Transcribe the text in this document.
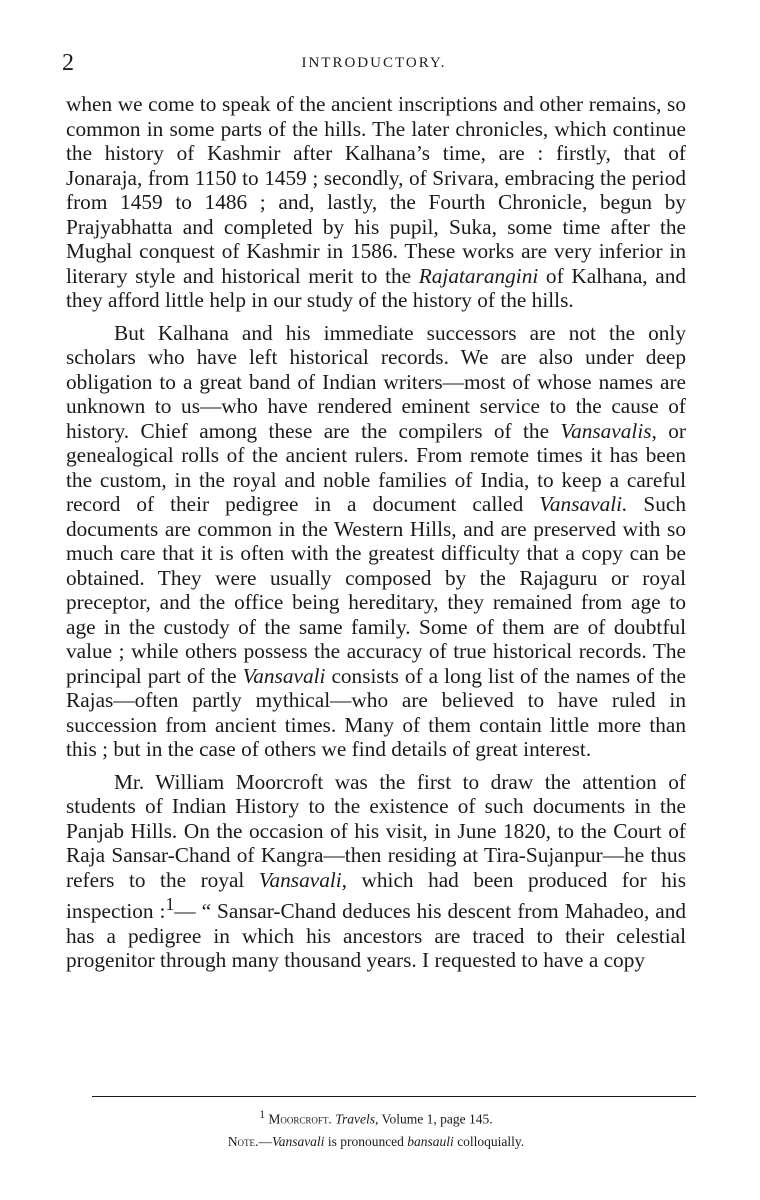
2	INTRODUCTORY.

when we come to speak of the ancient inscriptions and other remains, so common in some parts of the hills. The later chronicles, which continue the history of Kashmir after Kalhana’s time, are : firstly, that of Jonaraja, from 1150 to 1459 ; secondly, of Srivara, embracing the period from 1459 to 1486 ; and, lastly, the Fourth Chronicle, begun by Prajyabhatta and completed by his pupil, Suka, some time after the Mughal conquest of Kashmir in 1586. These works are very inferior in literary style and historical merit to the Rajatarangini of Kalhana, and they afford little help in our study of the history of the hills.

But Kalhana and his immediate successors are not the only scholars who have left historical records. We are also under deep obligation to a great band of Indian writers—most of whose names are unknown to us—who have rendered eminent service to the cause of history. Chief among these are the compilers of the Vansavalis, or genealogical rolls of the ancient rulers. From remote times it has been the custom, in the royal and noble families of India, to keep a careful record of their pedigree in a document called Vansavali. Such documents are common in the Western Hills, and are preserved with so much care that it is often with the greatest difficulty that a copy can be obtained. They were usually composed by the Rajaguru or royal preceptor, and the office being hereditary, they remained from age to age in the custody of the same family. Some of them are of doubtful value ; while others possess the accuracy of true historical records. The principal part of the Vansavali consists of a long list of the names of the Rajas—often partly mythical—who are believed to have ruled in succession from ancient times. Many of them contain little more than this ; but in the case of others we find details of great interest.

Mr. William Moorcroft was the first to draw the attention of students of Indian History to the existence of such documents in the Panjab Hills. On the occasion of his visit, in June 1820, to the Court of Raja Sansar-Chand of Kangra—then residing at Tira-Sujanpur—he thus refers to the royal Vansavali, which had been produced for his inspection :$^1$— “ Sansar-Chand deduces his descent from Mahadeo, and has a pedigree in which his ancestors are traced to their celestial progenitor through many thousand years. I requested to have a copy

$^1$ Moorcroft. Travels, Volume 1, page 145.

Note.—Vansavali is pronounced bansauli colloquially.
